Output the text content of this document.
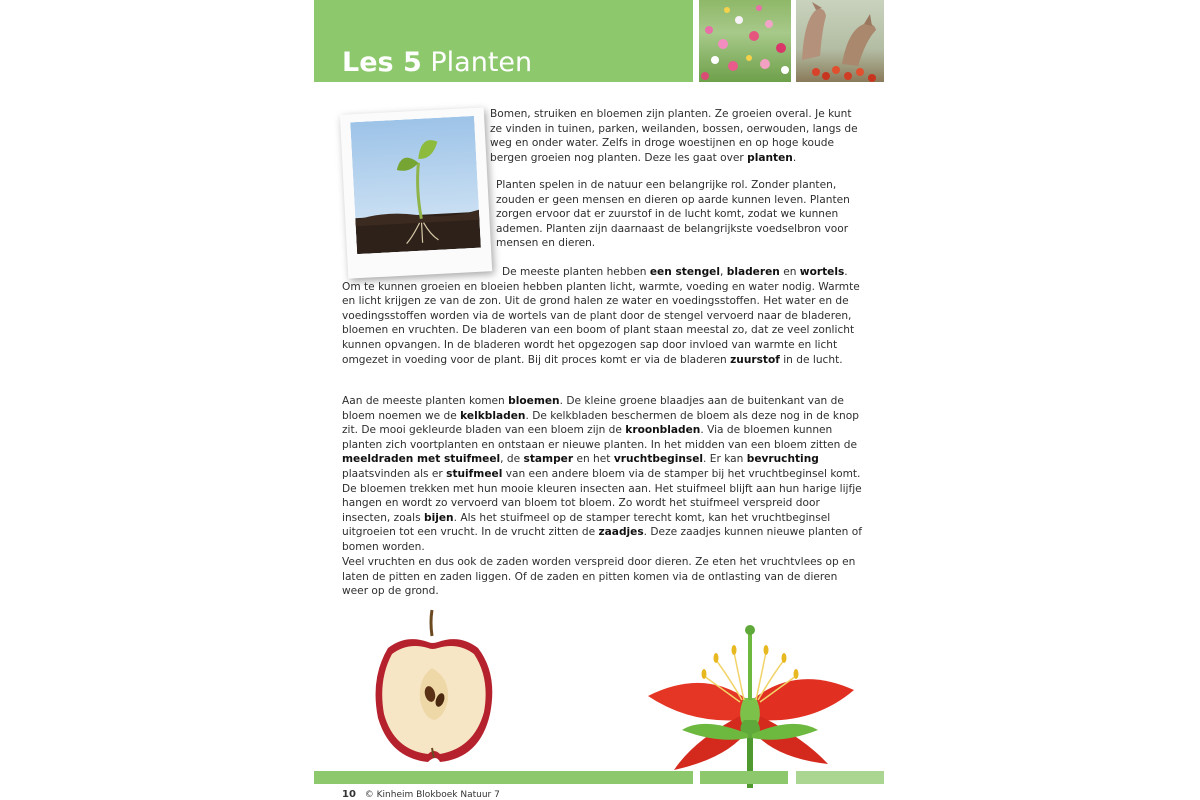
Les 5 Planten

Bomen, struiken en bloemen zijn planten. Ze groeien overal. Je kunt ze vinden in tuinen, parken, weilanden, bossen, oerwouden, langs de weg en onder water. Zelfs in droge woestijnen en op hoge koude bergen groeien nog planten. Deze les gaat over planten.

Planten spelen in de natuur een belangrijke rol. Zonder planten, zouden er geen mensen en dieren op aarde kunnen leven. Planten zorgen ervoor dat er zuurstof in de lucht komt, zodat we kunnen ademen. Planten zijn daarnaast de belangrijkste voedselbron voor mensen en dieren.

De meeste planten hebben een stengel, bladeren en wortels. Om te kunnen groeien en bloeien hebben planten licht, warmte, voeding en water nodig. Warmte en licht krijgen ze van de zon. Uit de grond halen ze water en voedingsstoffen. Het water en de voedingsstoffen worden via de wortels van de plant door de stengel vervoerd naar de bladeren, bloemen en vruchten. De bladeren van een boom of plant staan meestal zo, dat ze veel zonlicht kunnen opvangen. In de bladeren wordt het opgezogen sap door invloed van warmte en licht omgezet in voeding voor de plant. Bij dit proces komt er via de bladeren zuurstof in de lucht.

Aan de meeste planten komen bloemen. De kleine groene blaadjes aan de buitenkant van de bloem noemen we de kelkbladen. De kelkbladen beschermen de bloem als deze nog in de knop zit. De mooi gekleurde bladen van een bloem zijn de kroonbladen. Via de bloemen kunnen planten zich voortplanten en ontstaan er nieuwe planten. In het midden van een bloem zitten de meeldraden met stuifmeel, de stamper en het vruchtbeginsel. Er kan bevruchting plaatsvinden als er stuifmeel van een andere bloem via de stamper bij het vruchtbeginsel komt. De bloemen trekken met hun mooie kleuren insecten aan. Het stuifmeel blijft aan hun harige lijfje hangen en wordt zo vervoerd van bloem tot bloem. Zo wordt het stuifmeel verspreid door insecten, zoals bijen. Als het stuifmeel op de stamper terecht komt, kan het vruchtbeginsel uitgroeien tot een vrucht. In de vrucht zitten de zaadjes. Deze zaadjes kunnen nieuwe planten of bomen worden.

Veel vruchten en dus ook de zaden worden verspreid door dieren. Ze eten het vruchtvlees op en laten de pitten en zaden liggen. Of de zaden en pitten komen via de ontlasting van de dieren weer op de grond.

10 © Kinheim Blokboek Natuur 7
